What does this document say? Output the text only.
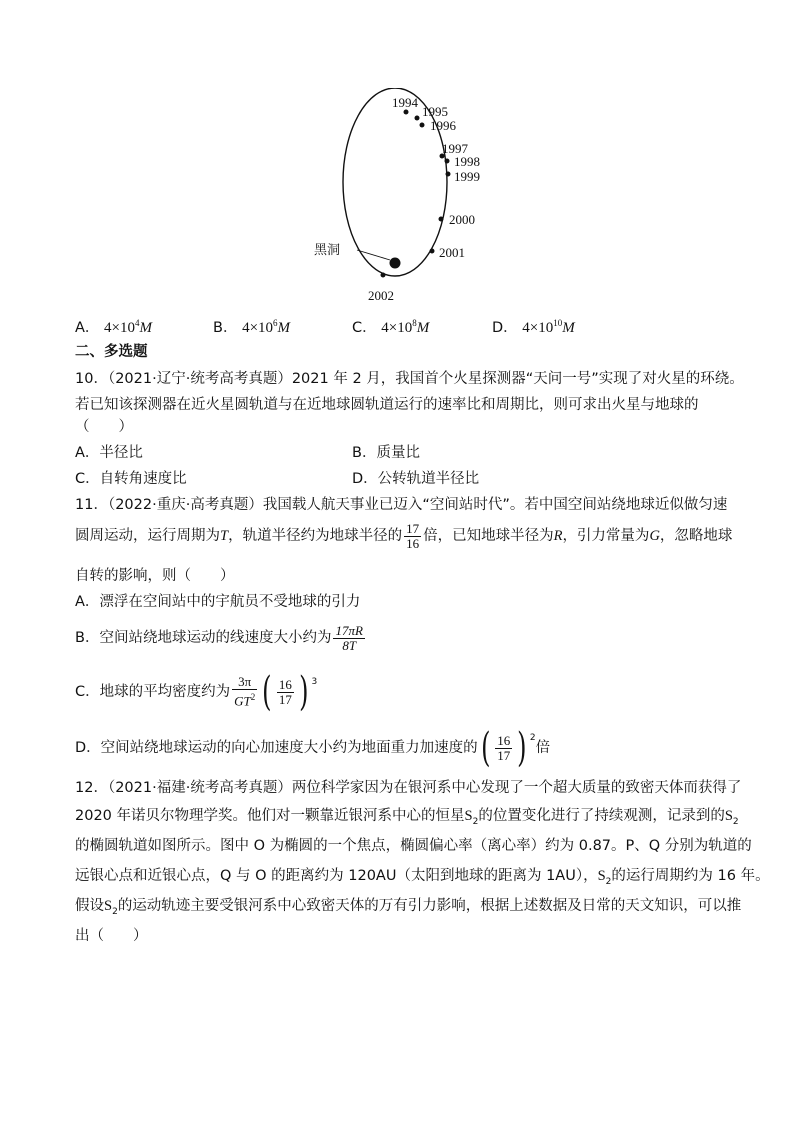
1994
1995
1996
1997
1998
1999
2000
2001
2002
黑洞
A． $4\times 10^4M$	B． $4\times 10^6M$	C． $4\times 10^8M$	D． $4\times 10^{10}M$
二、多选题
10．（2021·辽宁·统考高考真题）2021 年 2 月，我国首个火星探测器“天问一号”实现了对火星的环绕。
若已知该探测器在近火星圆轨道与在近地球圆轨道运行的速率比和周期比，则可求出火星与地球的
（　　）
A．半径比	B．质量比
C．自转角速度比	D．公转轨道半径比
11．（2022·重庆·高考真题）我国载人航天事业已迈入“空间站时代”。若中国空间站绕地球近似做匀速
圆周运动，运行周期为 T ，轨道半径约为地球半径的 $\frac{17}{16}$ 倍，已知地球半径为 R ，引力常量为 G ，忽略地球
自转的影响，则（　　）
A．漂浮在空间站中的宇航员不受地球的引力
B．空间站绕地球运动的线速度大小约为 $\frac{17\pi R}{8T}$
C．地球的平均密度约为 $\frac{3\pi}{GT^2}$ ( $\frac{16}{17}$ ) $^3$
D．空间站绕地球运动的向心加速度大小约为地面重力加速度的 ( $\frac{16}{17}$ ) $^2$
倍
12．（2021·福建·统考高考真题）两位科学家因为在银河系中心发现了一个超大质量的致密天体而获得了
2020 年诺贝尔物理学奖。他们对一颗靠近银河系中心的恒星$S_2$的位置变化进行了持续观测，记录到的$S_2$
的椭圆轨道如图所示。图中 O 为椭圆的一个焦点，椭圆偏心率（离心率）约为 0.87。P、Q 分别为轨道的
远银心点和近银心点，Q 与 O 的距离约为 120AU（太阳到地球的距离为 1AU），$S_2$的运行周期约为 16 年。
假设$S_2$的运动轨迹主要受银河系中心致密天体的万有引力影响，根据上述数据及日常的天文知识，可以推
出（　　）
